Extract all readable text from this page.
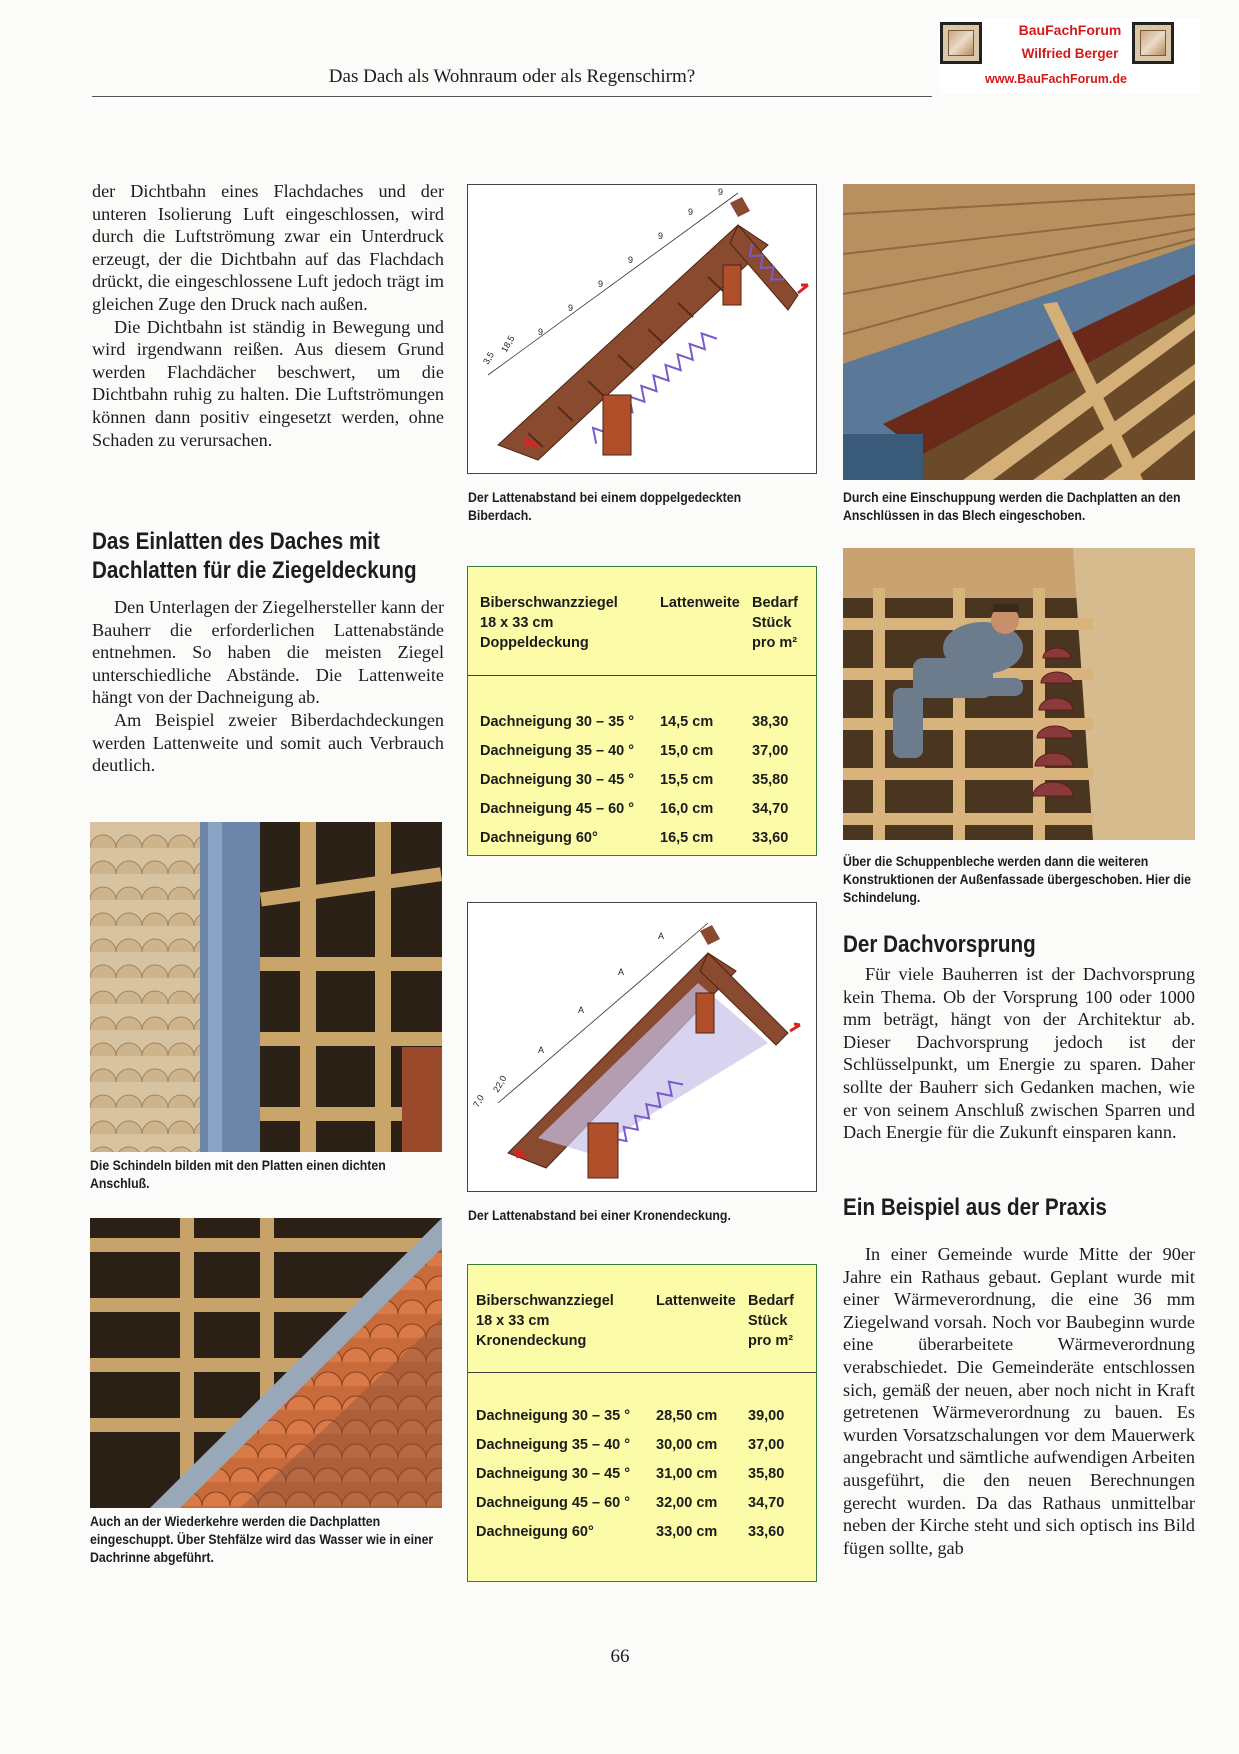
Das Dach als Wohnraum oder als Regenschirm?
BauFachForum
Wilfried Berger
www.BauFachForum.de

der Dichtbahn eines Flachdaches und der unteren Isolierung Luft eingeschlossen, wird durch die Luftströmung zwar ein Unterdruck erzeugt, der die Dichtbahn auf das Flachdach drückt, die eingeschlossene Luft jedoch trägt im gleichen Zuge den Druck nach außen.

Die Dichtbahn ist ständig in Bewegung und wird irgendwann reißen. Aus diesem Grund werden Flachdächer beschwert, um die Dichtbahn ruhig zu halten. Die Luftströmungen können dann positiv eingesetzt werden, ohne Schaden zu verursachen.

Das Einlatten des Daches mit Dachlatten für die Ziegeldeckung

Den Unterlagen der Ziegelhersteller kann der Bauherr die erforderlichen Lattenabstände entnehmen. So haben die meisten Ziegel unterschiedliche Abstände. Die Lattenweite hängt von der Dachneigung ab.

Am Beispiel zweier Biberdachdeckungen werden Lattenweite und somit auch Verbrauch deutlich.

Die Schindeln bilden mit den Platten einen dichten Anschluß.
Auch an der Wiederkehre werden die Dachplatten eingeschuppt. Über Stehfälze wird das Wasser wie in einer Dachrinne abgeführt.
3,5
18,5
9
9
9
9
9
9
9
Der Lattenabstand bei einem doppelgedeckten Biberdach.
Biberschwanzziegel
18 x 33 cm
Doppeldeckung
Lattenweite Bedarf
Stück
pro m²
Dachneigung 30 – 35 ° 14,5 cm	38,30
Dachneigung 35 – 40 ° 15,0 cm	37,00
Dachneigung 30 – 45 ° 15,5 cm	35,80
Dachneigung 45 – 60 ° 16,0 cm	34,70
Dachneigung 60°	16,5 cm	33,60
7,0
22,0
A
A
A
A
Der Lattenabstand bei einer Kronendeckung.
Biberschwanzziegel
18 x 33 cm
Kronendeckung
Lattenweite Bedarf
Stück
pro m²
Dachneigung 30 – 35 ° 28,50 cm 39,00
Dachneigung 35 – 40 ° 30,00 cm 37,00
Dachneigung 30 – 45 ° 31,00 cm 35,80
Dachneigung 45 – 60 ° 32,00 cm 34,70
Dachneigung 60°	33,00 cm 33,60
Durch eine Einschuppung werden die Dachplatten an den Anschlüssen in das Blech eingeschoben.
Über die Schuppenbleche werden dann die weiteren Konstruktionen der Außenfassade übergeschoben. Hier die Schindelung.
Der Dachvorsprung

Für viele Bauherren ist der Dachvorsprung kein Thema. Ob der Vorsprung 100 oder 1000 mm beträgt, hängt von der Architektur ab. Dieser Dachvorsprung jedoch ist der Schlüsselpunkt, um Energie zu sparen. Daher sollte der Bauherr sich Gedanken machen, wie er von seinem Anschluß zwischen Sparren und Dach Energie für die Zukunft einsparen kann.

Ein Beispiel aus der Praxis

In einer Gemeinde wurde Mitte der 90er Jahre ein Rathaus gebaut. Geplant wurde mit einer Wärmeverordnung, die eine 36 mm Ziegelwand vorsah. Noch vor Baubeginn wurde eine überarbeitete Wärmeverordnung verabschiedet. Die Gemeinderäte entschlossen sich, gemäß der neuen, aber noch nicht in Kraft getretenen Wärmeverordnung zu bauen. Es wurden Vorsatzschalungen vor dem Mauerwerk angebracht und sämtliche aufwendigen Arbeiten ausgeführt, die den neuen Berechnungen gerecht wurden. Da das Rathaus unmittelbar neben der Kirche steht und sich optisch ins Bild fügen sollte, gab

66
